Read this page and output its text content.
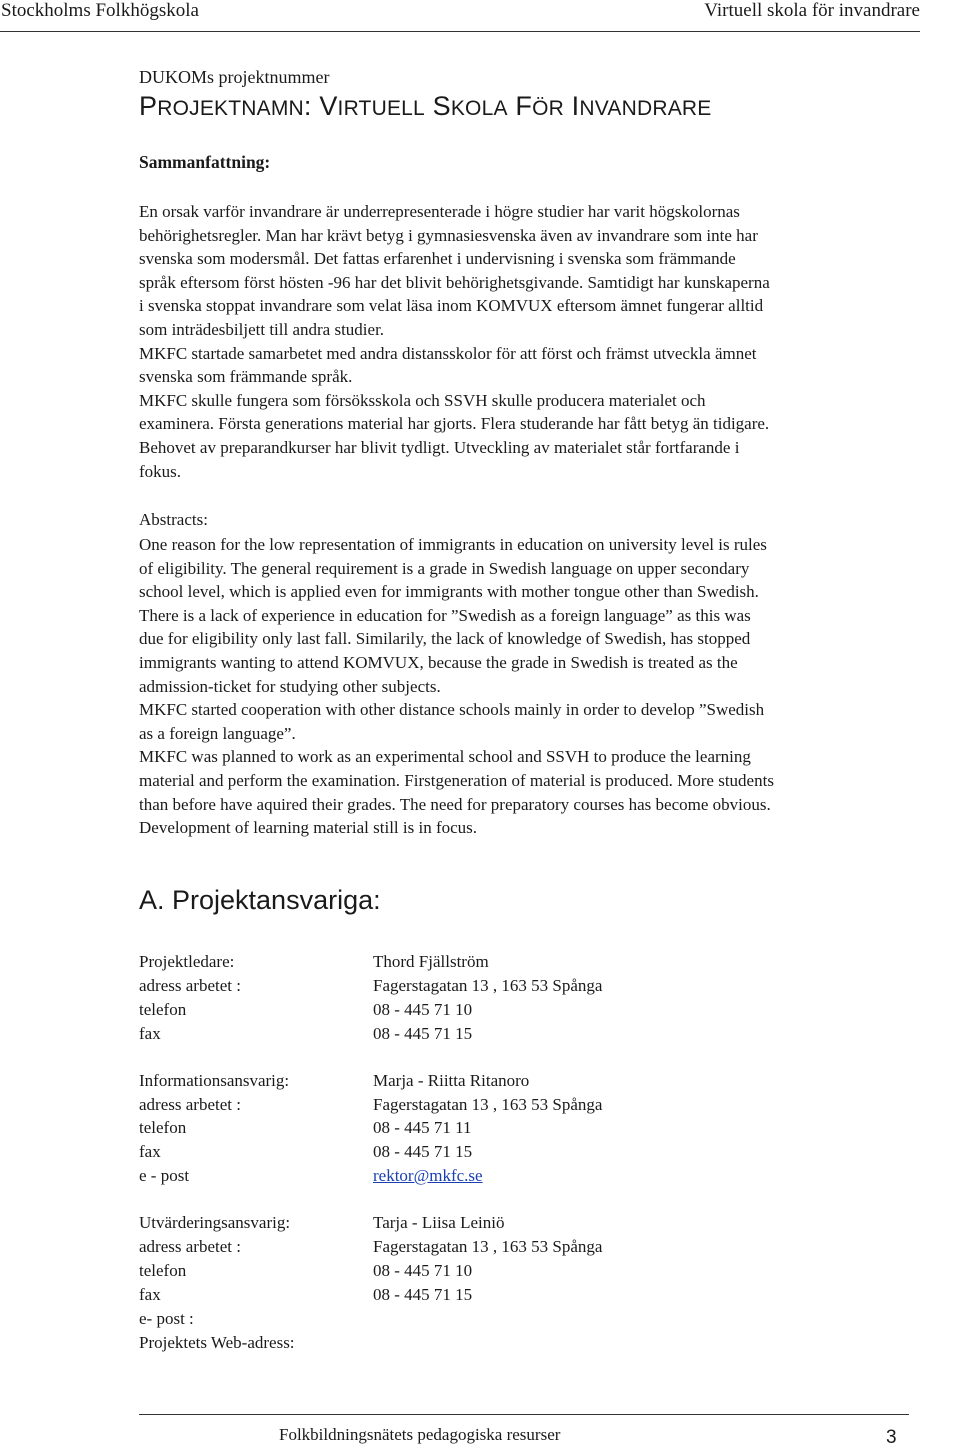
Stockholms Folkhögskola	Virtuell skola för invandrare
DUKOMs projektnummer
PROJEKTNAMN: VIRTUELL SKOLA FÖR INVANDRARE
Sammanfattning:

En orsak varför invandrare är underrepresenterade i högre studier har varit högskolornas

behörighetsregler. Man har krävt betyg i gymnasiesvenska även av invandrare som inte har

svenska som modersmål. Det fattas erfarenhet i undervisning i svenska som främmande

språk eftersom först hösten -96 har det blivit behörighetsgivande. Samtidigt har kunskaperna

i svenska stoppat invandrare som velat läsa inom KOMVUX eftersom ämnet fungerar alltid

som inträdesbiljett till andra studier.

MKFC startade samarbetet med andra distansskolor för att först och främst utveckla ämnet

svenska som främmande språk.

MKFC skulle fungera som försöksskola och SSVH skulle producera materialet och

examinera. Första generations material har gjorts. Flera studerande har fått betyg än tidigare.

Behovet av preparandkurser har blivit tydligt. Utveckling av materialet står fortfarande i

fokus.

Abstracts:

One reason for the low representation of immigrants in education on university level is rules

of eligibility. The general requirement is a grade in Swedish language on upper secondary

school level, which is applied even for immigrants with mother tongue other than Swedish.

There is a lack of experience in education for ”Swedish as a foreign language” as this was

due for eligibility only last fall. Similarily, the lack of knowledge of Swedish, has stopped

immigrants wanting to attend KOMVUX, because the grade in Swedish is treated as the

admission-ticket for studying other subjects.

MKFC started cooperation with other distance schools mainly in order to develop ”Swedish

as a foreign language”.

MKFC was planned to work as an experimental school and SSVH to produce the learning

material and perform the examination. Firstgeneration of material is produced. More students

than before have aquired their grades. The need for preparatory courses has become obvious.

Development of learning material still is in focus.

A. Projektansvariga:
Projektledare:	Thord Fjällström
adress arbetet :	Fagerstagatan 13 , 163 53 Spånga
telefon	08 - 445 71 10
fax	08 - 445 71 15
Informationsansvarig:	Marja - Riitta Ritanoro
adress arbetet :	Fagerstagatan 13 , 163 53 Spånga
telefon	08 - 445 71 11
fax	08 - 445 71 15
e - post	rektor@mkfc.se
Utvärderingsansvarig:	Tarja - Liisa Leiniö
adress arbetet :	Fagerstagatan 13 , 163 53 Spånga
telefon	08 - 445 71 10
fax	08 - 445 71 15
e- post :
Projektets Web-adress:
Folkbildningsnätets pedagogiska resurser	3
